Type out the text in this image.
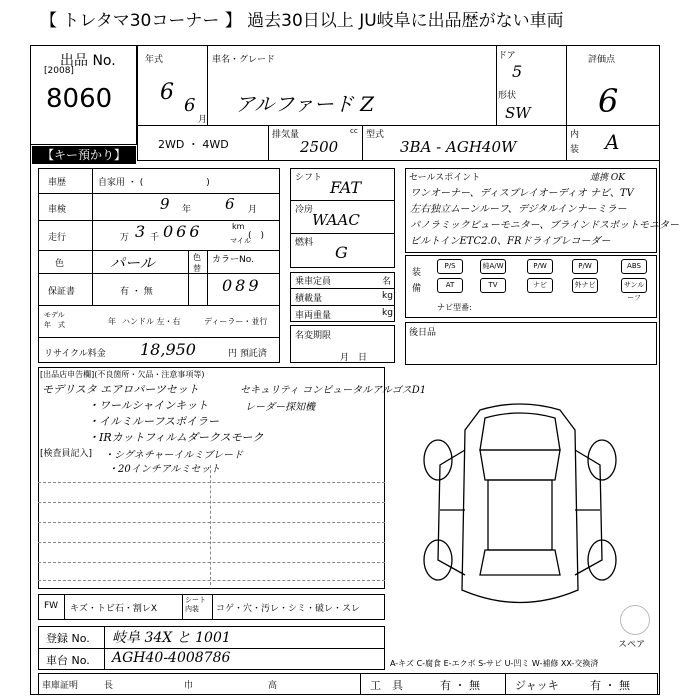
【 トレタマ30コーナー 】 過去30日以上 JU岐阜に出品歴がない車両
出品 No.
[2008]
8060
【キー預かり】
年式
6
6
月
車名・グレード
アルファード Z
ドア
5
形状
SW
評価点
6
内
装 A
2WD ・ 4WD
排気量	cc
2500
型式
3BA - AGH40W
車歴	自家用 ・ (　　　　　　　)
車検	9 年 6 月
走行	万 3 千 066	km
マイル
(　)
色	パール	色
替
カラーNo.
089
保証書	有 ・ 無
モデル
年　式	年 ハンドル 左・右	ディーラー・並行
リサイクル料金 18,950	円 預託済
シフト FAT
冷房
WAAC
燃料 G
乗車定員	名
積載量	kg
車両重量	kg
名変期限
月　日
セールスポイント	連携 OK
ワンオーナー、ディスプレイオーディオ ナビ、TV
左右独立ムーンルーフ、デジタルインナーミラー
パノラミックビューモニター、ブラインドスポットモニター
ビルトインETC2.0、FRドライブレコーダー
装
備
P/S	純A/W	P/W	P/W	ABS
AT	TV	ナビ	外ナビ	サンルーフ
ナビ型番:
後日品
[出品店申告欄](不良箇所・欠品・注意事項等)
モデリスタ エアロパーツセット
・ワールシャインキット
・イルミルーフスポイラー
・IRカットフィルムダークスモーク
・シグネチャーイルミブレード
・20インチアルミセット
セキュリティ コンピュータルアルゴスD1
レーダー探知機
[検査員記入]
FW キズ・トビ石・割レX
シート内装	コゲ・穴・汚レ・シミ・破レ・スレ
登録 No. 岐阜 34X と 1001
車台 No. AGH40-4008786
スペア
A-キズ C-腐食 E-エクボ S-サビ U-凹ミ W-補修 XX-交換済
車庫証明	長	巾	高	工　具	有 ・ 無	ジャッキ	有 ・ 無
